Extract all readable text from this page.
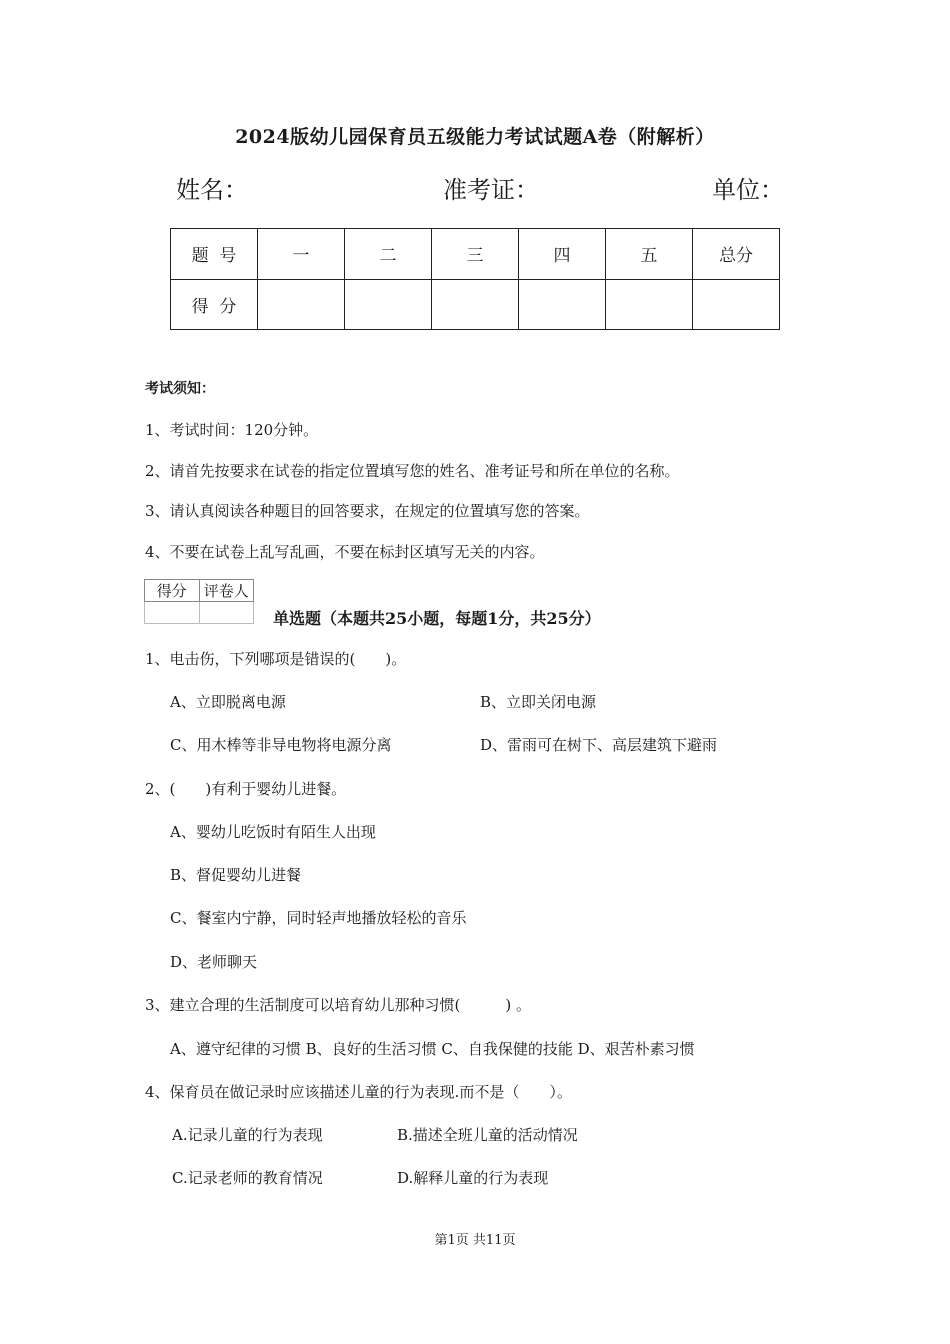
2024版幼儿园保育员五级能力考试试题A卷（附解析）
姓名：	准考证：	单位：
题  号	一	二	三	四	五	总分
得  分						
考试须知：
1、考试时间：120分钟。
2、请首先按要求在试卷的指定位置填写您的姓名、准考证号和所在单位的名称。
3、请认真阅读各种题目的回答要求，在规定的位置填写您的答案。
4、不要在试卷上乱写乱画，不要在标封区填写无关的内容。
得分	评卷人

单选题（本题共25小题，每题1分，共25分）
1、电击伤，下列哪项是错误的(　　)。
A、立即脱离电源	B、立即关闭电源
C、用木棒等非导电物将电源分离	D、雷雨可在树下、高层建筑下避雨
2、(　　)有利于婴幼儿进餐。
A、婴幼儿吃饭时有陌生人出现
B、督促婴幼儿进餐
C、餐室内宁静，同时轻声地播放轻松的音乐
D、老师聊天
3、建立合理的生活制度可以培育幼儿那种习惯(　　　) 。
A、遵守纪律的习惯 B、良好的生活习惯 C、自我保健的技能 D、艰苦朴素习惯
4、保育员在做记录时应该描述儿童的行为表现.而不是（　　）。
A.记录儿童的行为表现	B.描述全班儿童的活动情况
C.记录老师的教育情况	D.解释儿童的行为表现
第1页 共11页
